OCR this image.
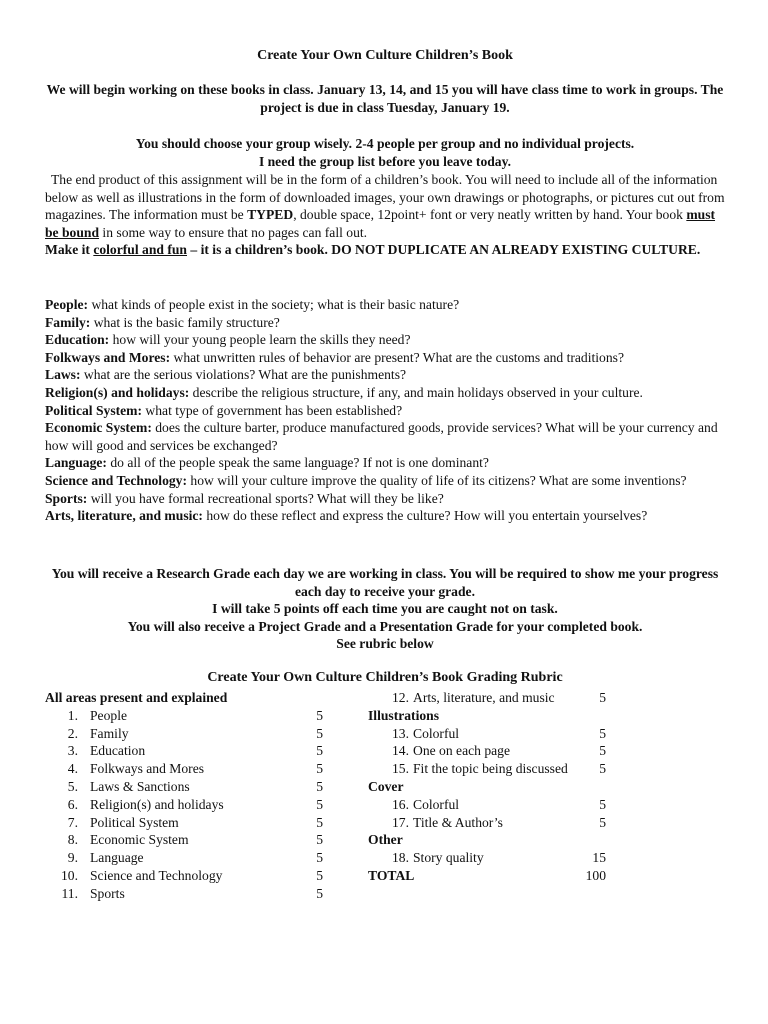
Create Your Own Culture Children’s Book
We will begin working on these books in class. January 13, 14, and 15 you will have class time to work in groups. The project is due in class Tuesday, January 19.
You should choose your group wisely. 2-4 people per group and no individual projects.
I need the group list before you leave today.
The end product of this assignment will be in the form of a children’s book. You will need to include all of the information below as well as illustrations in the form of downloaded images, your own drawings or photographs, or pictures cut out from magazines. The information must be TYPED, double space, 12point+ font or very neatly written by hand. Your book must be bound in some way to ensure that no pages can fall out.
Make it colorful and fun – it is a children’s book. DO NOT DUPLICATE AN ALREADY EXISTING CULTURE.
People: what kinds of people exist in the society; what is their basic nature?
Family: what is the basic family structure?
Education: how will your young people learn the skills they need?
Folkways and Mores: what unwritten rules of behavior are present? What are the customs and traditions?
Laws: what are the serious violations? What are the punishments?
Religion(s) and holidays: describe the religious structure, if any, and main holidays observed in your culture.
Political System: what type of government has been established?
Economic System: does the culture barter, produce manufactured goods, provide services? What will be your currency and how will good and services be exchanged?
Language: do all of the people speak the same language? If not is one dominant?
Science and Technology: how will your culture improve the quality of life of its citizens? What are some inventions?
Sports: will you have formal recreational sports? What will they be like?
Arts, literature, and music: how do these reflect and express the culture? How will you entertain yourselves?
You will receive a Research Grade each day we are working in class. You will be required to show me your progress each day to receive your grade.
I will take 5 points off each time you are caught not on task.
You will also receive a Project Grade and a Presentation Grade for your completed book.
See rubric below
Create Your Own Culture Children’s Book Grading Rubric
All areas present and explained
1. People	5
2. Family	5
3. Education	5
4. Folkways and Mores	5
5. Laws & Sanctions	5
6. Religion(s) and holidays	5
7. Political System	5
8. Economic System	5
9. Language	5
10. Science and Technology	5
11. Sports	5
12. Arts, literature, and music	5
Illustrations
13. Colorful	5
14. One on each page	5
15. Fit the topic being discussed	5
Cover
16. Colorful	5
17. Title & Author’s	5
Other
18. Story quality	15
TOTAL	100
